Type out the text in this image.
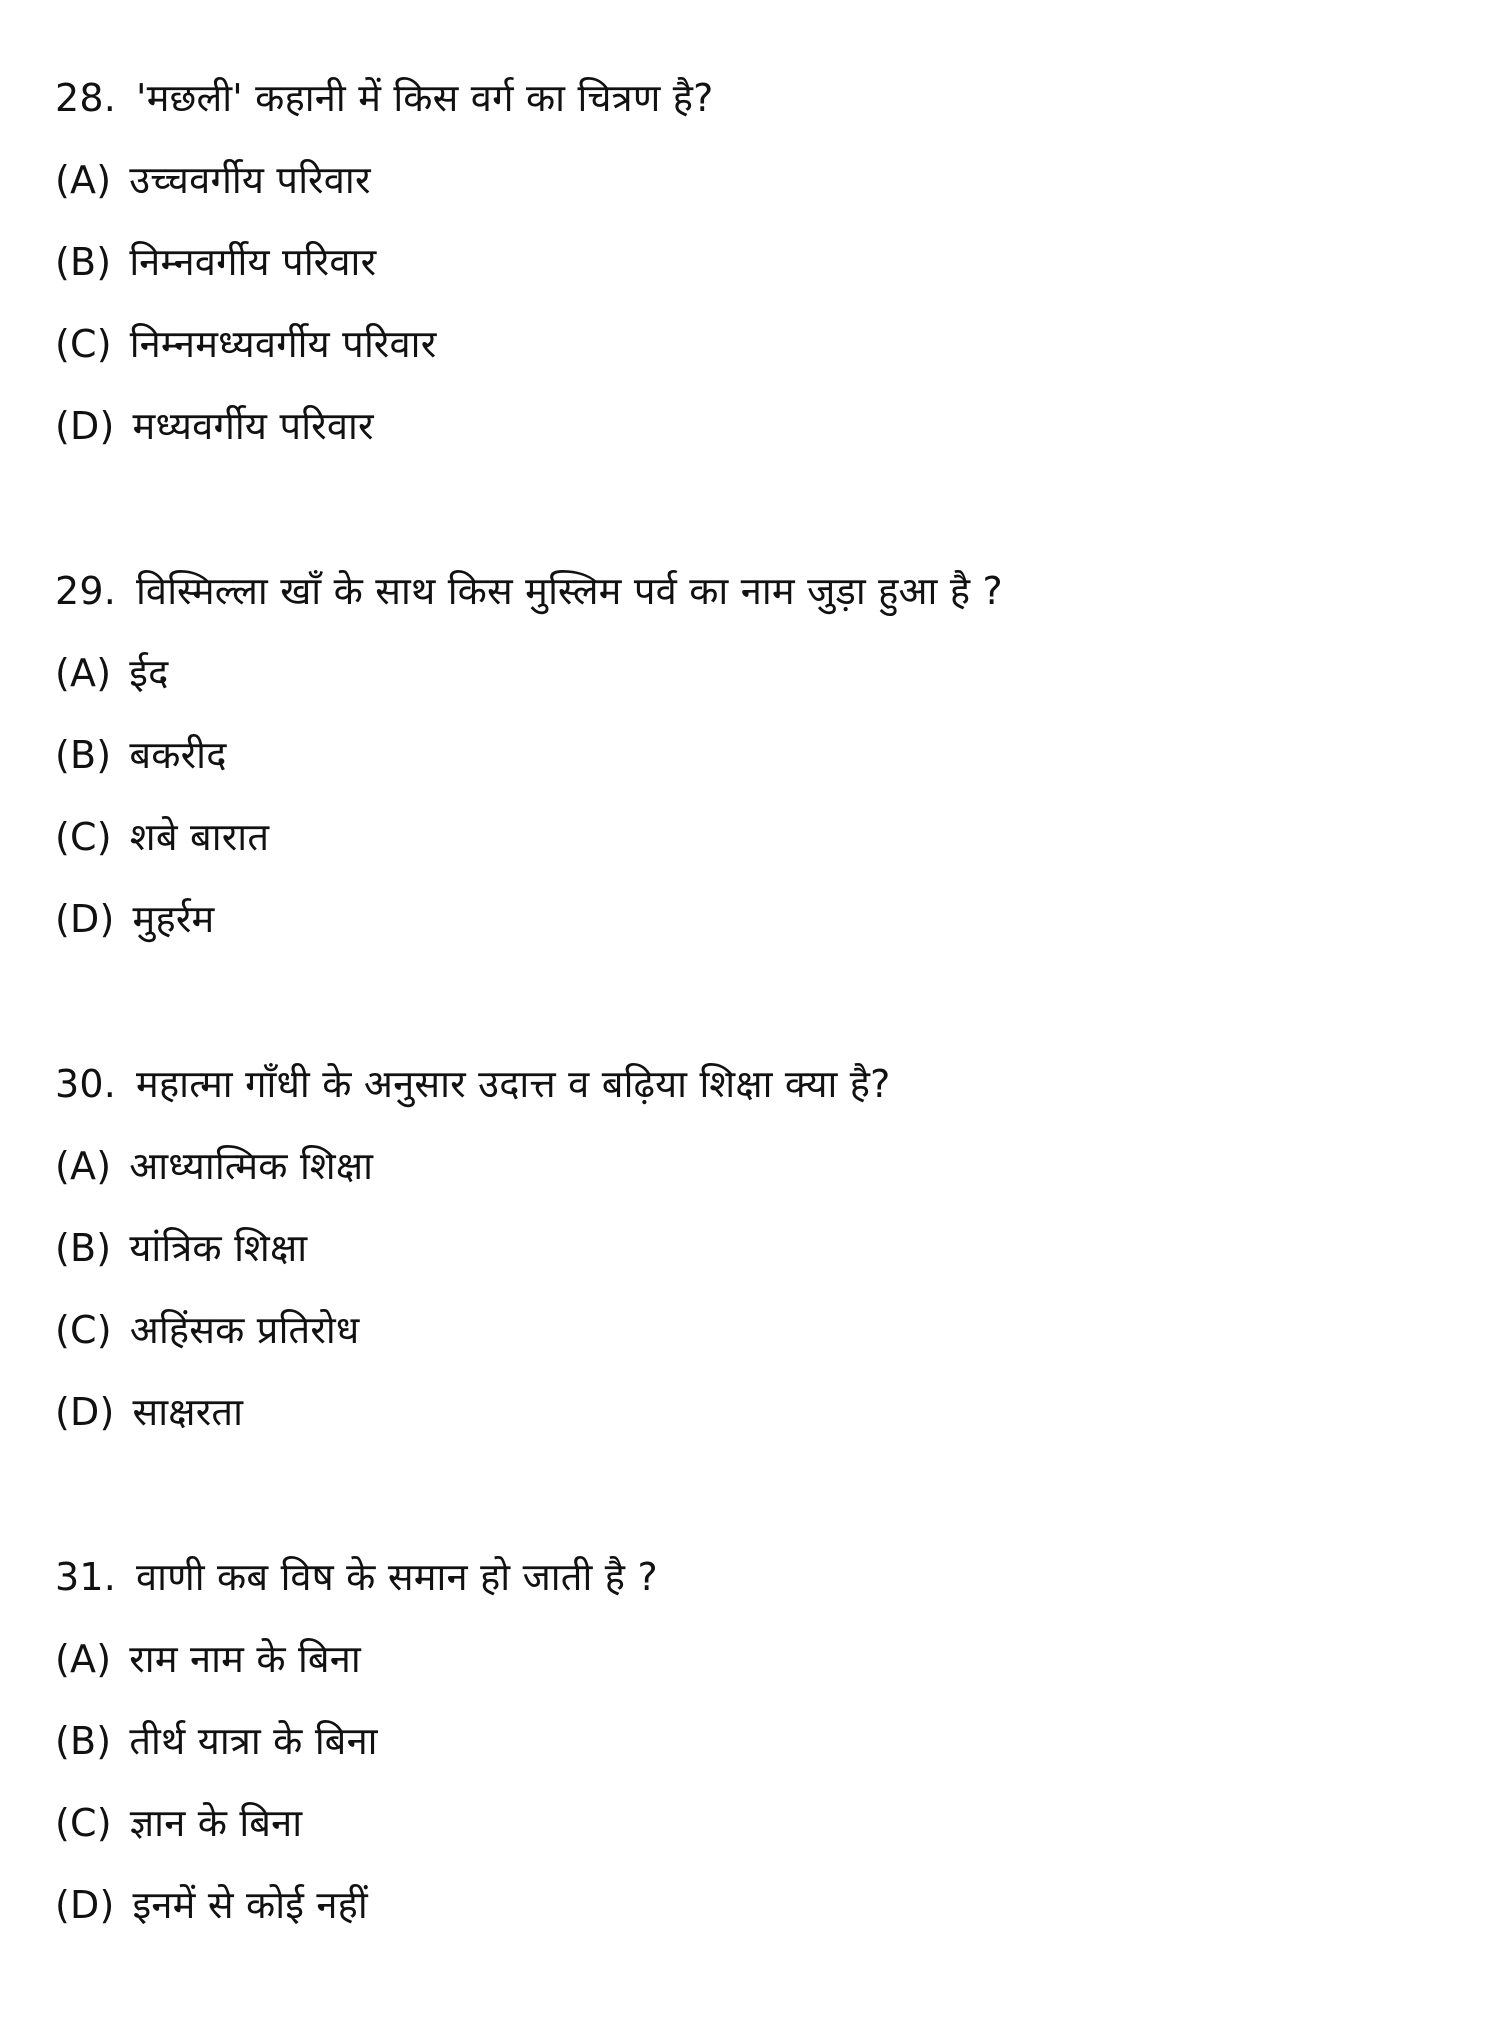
28. 'मछली' कहानी में किस वर्ग का चित्रण है?
(A) उच्चवर्गीय परिवार
(B) निम्नवर्गीय परिवार
(C) निम्नमध्यवर्गीय परिवार
(D) मध्यवर्गीय परिवार
29. विस्मिल्ला खाँ के साथ किस मुस्लिम पर्व का नाम जुड़ा हुआ है ?
(A) ईद
(B) बकरीद
(C) शबे बारात
(D) मुहर्रम
30. महात्मा गाँधी के अनुसार उदात्त व बढ़िया शिक्षा क्या है?
(A) आध्यात्मिक शिक्षा
(B) यांत्रिक शिक्षा
(C) अहिंसक प्रतिरोध
(D) साक्षरता
31. वाणी कब विष के समान हो जाती है ?
(A) राम नाम के बिना
(B) तीर्थ यात्रा के बिना
(C) ज्ञान के बिना
(D) इनमें से कोई नहीं
